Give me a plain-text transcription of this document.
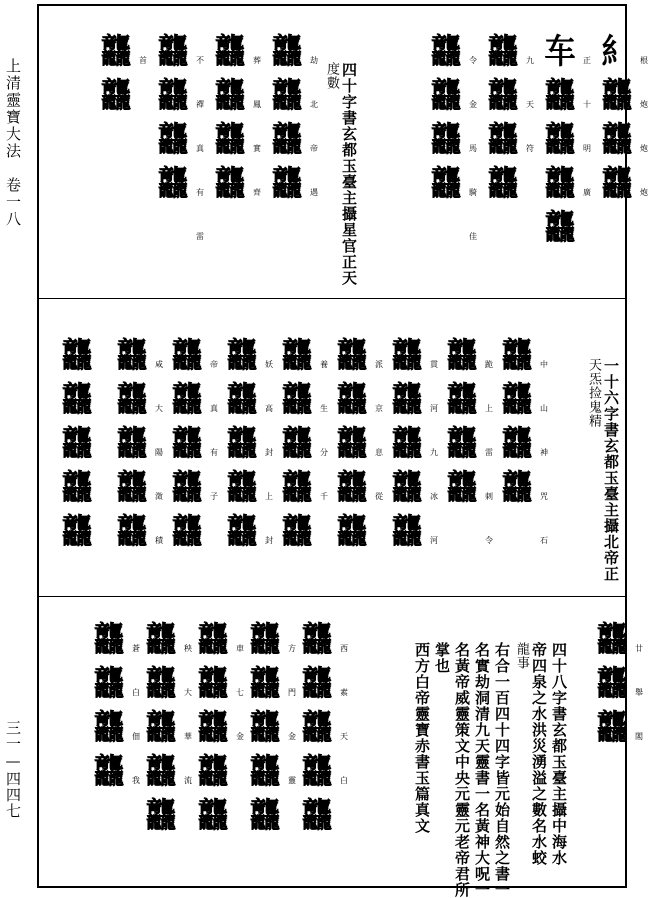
上清靈寶大法　卷一八
三一—四四七
四十字書玄都玉臺主攝星官正天
度數
⺯
龘
龘
龘
根
炮
炮
炮
⻋
龘
龘
龘
龘
正
十
明
廣
龘
龘
龘
龘
九
天
符
龘
龘
龘
龘
令
金
馬
騎
佳
龘
龘
龘
龘
劫
北
帝
遇
龘
龘
龘
龘
葬
鳳
實
齊
龘
龘
龘
龘
不
禪
真
有
雷
龘
龘
首
一十六字書玄都玉臺主攝北帝正
天炁捡鬼精
龘
龘
龘
龘
中
山
神
咒
石
龘
龘
龘
龘
跪
上
雷
刺
令
龘
龘
龘
龘
龘
貫
河
九
冰
河
龘
龘
龘
龘
龘
派
京
息
從
龘
龘
龘
龘
龘
養
生
分
千
龘
龘
龘
龘
龘
妖
高
封
上
封
龘
龘
龘
龘
龘
帝
真
有
子
龘
龘
龘
龘
龘
咸
大
陽
澂
積
龘
龘
龘
龘
龘
四十八字書玄都玉臺主攝中海水
帝四泉之水洪災湧溢之數名水蛟
龍事
右合一百四十四字皆元始自然之書一
名實劫洞清九天靈書一名黃神大呪一
名黃帝威靈策文中央元靈元老帝君所
掌也
西方白帝靈寶赤書玉篇真文
龘
龘
龘
廿
舉
閣
龘
龘
龘
龘
龘
西
素
天
白
龘
龘
龘
龘
龘
方
門
金
靈
龘
龘
龘
龘
龘
車
七
金
龘
龘
龘
龘
龘
秧
大
華
流
龘
龘
龘
龘
蒼
白
佃
我
